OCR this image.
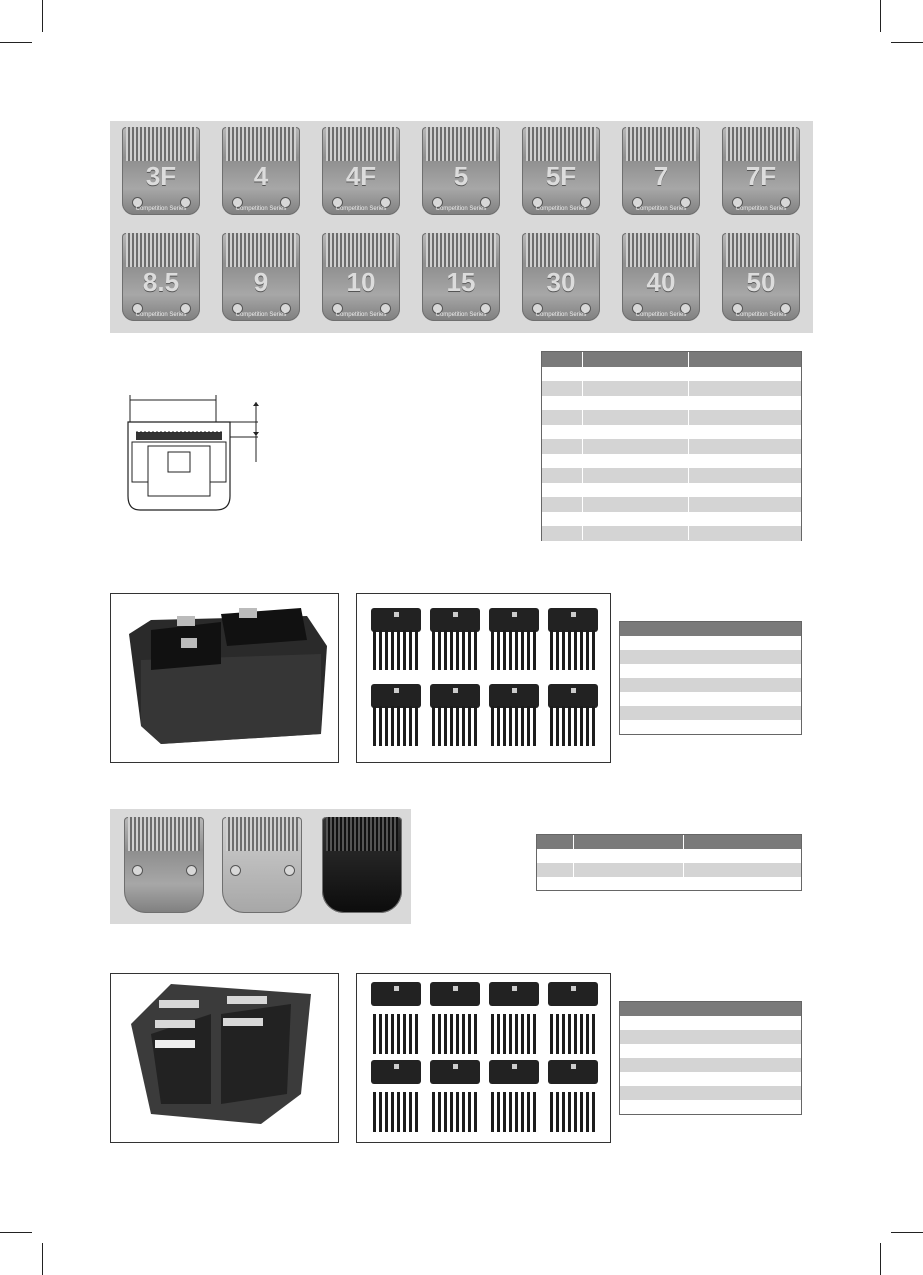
3F
Competition Series
4
Competition Series
4F
Competition Series
5
Competition Series
5F
Competition Series
7
Competition Series
7F
Competition Series
8.5
Competition Series
9
Competition Series
10
Competition Series
15
Competition Series
30
Competition Series
40
Competition Series
50
Competition Series
